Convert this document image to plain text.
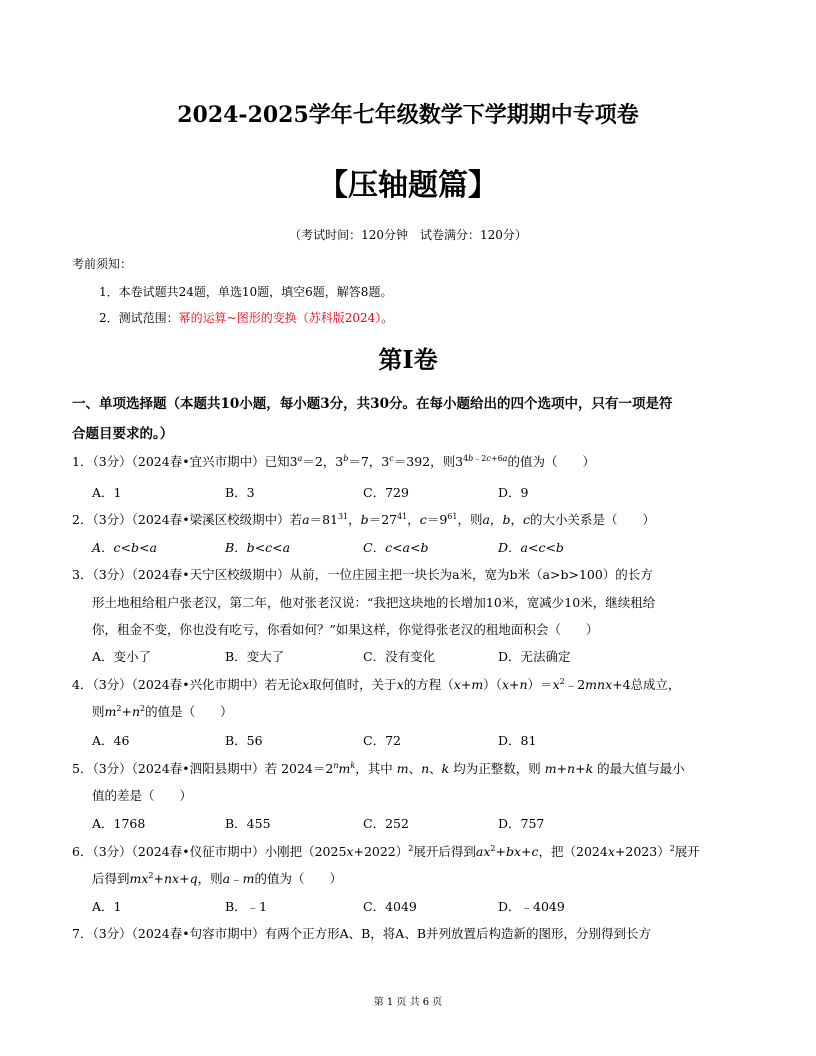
2024-2025学年七年级数学下学期期中专项卷
【压轴题篇】
（考试时间：120分钟　试卷满分：120分）
考前须知：
1．本卷试题共24题，单选10题，填空6题，解答8题。
2．测试范围：幂的运算~图形的变换（苏科版2024）。
第Ⅰ卷
一、单项选择题（本题共10小题，每小题3分，共30分。在每小题给出的四个选项中，只有一项是符
合题目要求的。）
1．（3分）（2024春•宜兴市期中）已知$3^a=2$，$3^b=7$，$3^c=392$，则$3^{4b﹣2c+6a}$的值为（　　）
A．1	B．3	C．729	D．9
2．（3分）（2024春•梁溪区校级期中）若$a=81^{31}$，$b=27^{41}$，$c=9^{61}$，则a，b，c的大小关系是（　　）
A．c<b<a	B．b<c<a	C．c<a<b	D．a<c<b
3．（3分）（2024春•天宁区校级期中）从前，一位庄园主把一块长为a米，宽为b米（a>b>100）的长方
形土地租给租户张老汉，第二年，他对张老汉说：“我把这块地的长增加10米，宽减少10米，继续租给
你，租金不变，你也没有吃亏，你看如何？”如果这样，你觉得张老汉的租地面积会（　　）
A．变小了	B．变大了	C．没有变化	D．无法确定
4．（3分）（2024春•兴化市期中）若无论x取何值时，关于x的方程$(x+m)(x+n)=x^2﹣2mnx+4$总成立，
则$m^2+n^2$的值是（　　）
A．46	B．56	C．72	D．81
5．（3分）（2024春•泗阳县期中）若 $2024=2^nm^k$，其中 m、n、k 均为正整数，则 m+n+k 的最大值与最小
值的差是（　　）
A．1768	B．455	C．252	D．757
6．（3分）（2024春•仪征市期中）小刚把$(2025x+2022)^2$展开后得到$ax^2+bx+c$，把$(2024x+2023)^2$展开
后得到$mx^2+nx+q$，则a﹣m的值为（　　）
A．1	B．﹣1	C．4049	D．﹣4049
7．（3分）（2024春•句容市期中）有两个正方形A、B，将A、B并列放置后构造新的图形，分别得到长方
第 1 页 共 6 页
